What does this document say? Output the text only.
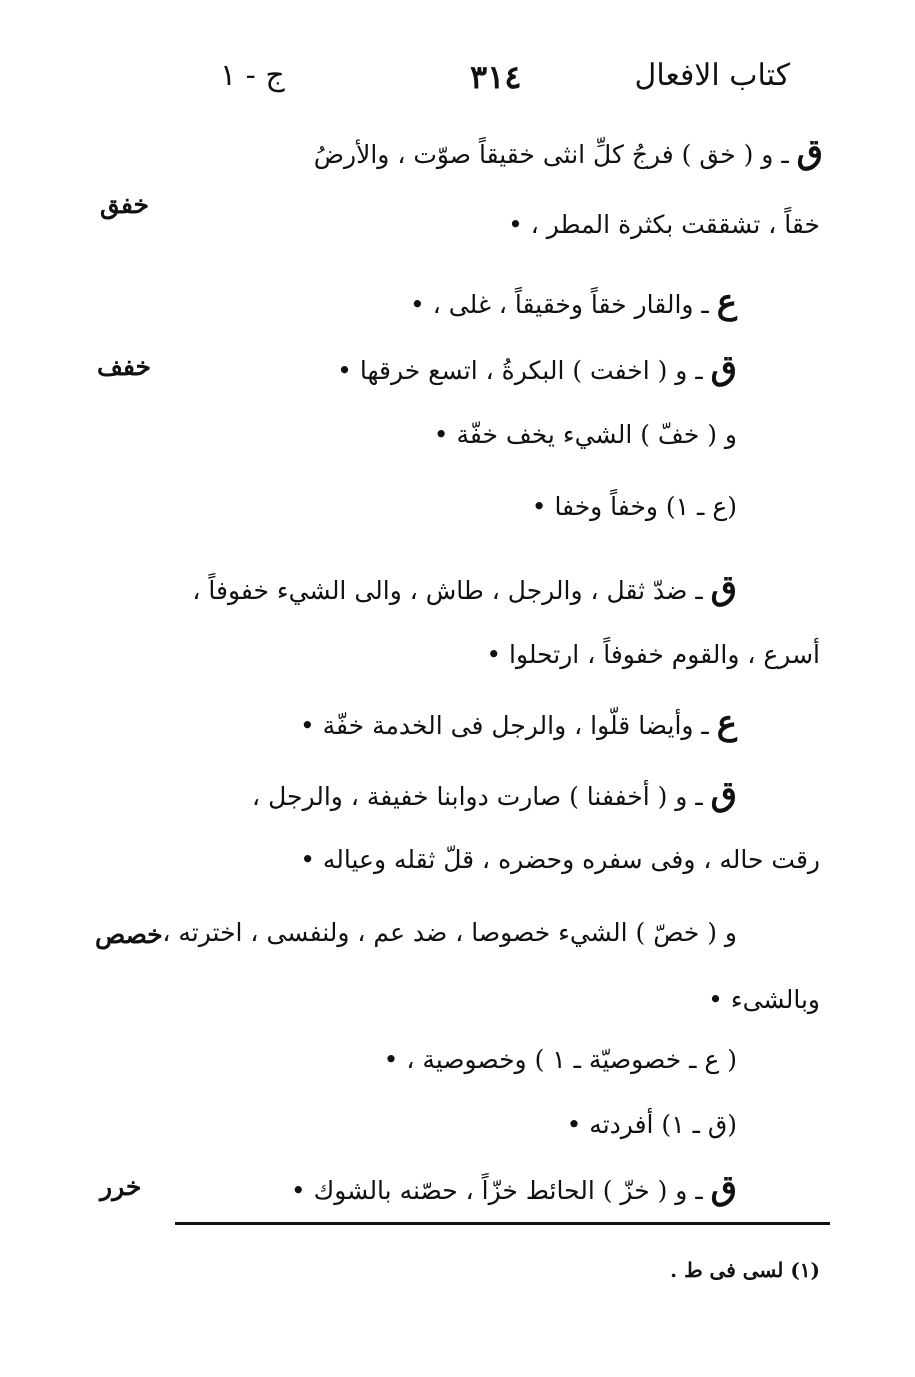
كتاب الافعال
٣١٤
ج - ١
خفق
خفف
خصص
خرر
ق ـ و ( خق ) فرجُ كلِّ انثى خقيقاً صوّت ، والأرضُ
خقاً ، تشققت بكثرة المطر ، •
ع ـ والقار خقاً وخقيقاً ، غلى ، •
ق ـ و ( اخفت ) البكرةُ ، اتسع خرقها •
و ( خفّ ) الشيء يخف خفّة •
(ع ـ ١) وخفاً وخفا •
ق ـ ضدّ ثقل ، والرجل ، طاش ، والى الشيء خفوفاً ،
أسرع ، والقوم خفوفاً ، ارتحلوا •
ع ـ وأيضا قلّوا ، والرجل فى الخدمة خفّة •
ق ـ و ( أخففنا ) صارت دوابنا خفيفة ، والرجل ،
رقت حاله ، وفى سفره وحضره ، قلّ ثقله وعياله •
و ( خصّ ) الشيء خصوصا ، ضد عم ، ولنفسى ، اخترته ،
وبالشىء •
( ع ـ خصوصيّة ـ ١ ) وخصوصية ، •
(ق ـ ١) أفردته •
ق ـ و ( خزّ ) الحائط خزّاً ، حصّنه بالشوك •
(١) لسى فى ط .
